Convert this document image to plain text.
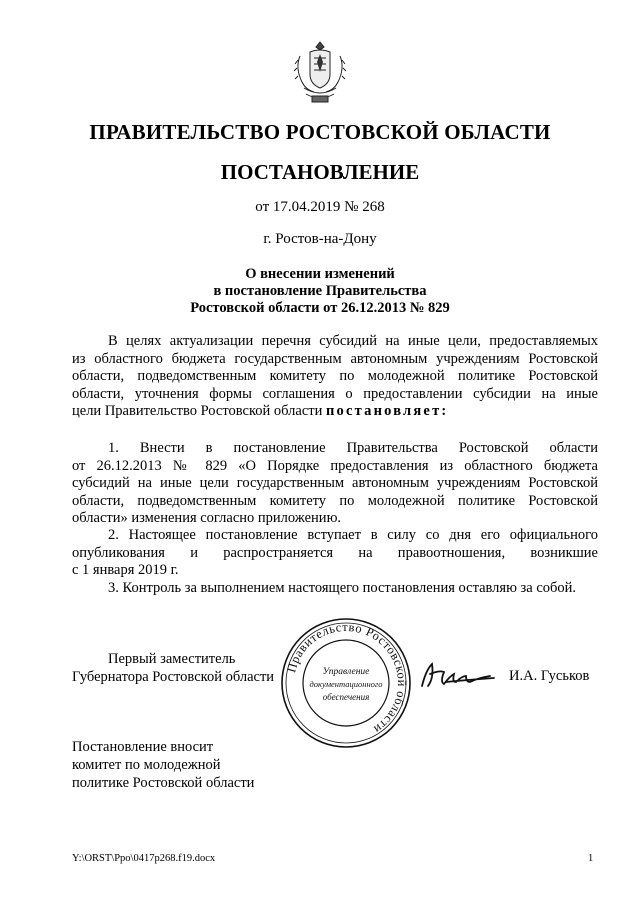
ПРАВИТЕЛЬСТВО РОСТОВСКОЙ ОБЛАСТИ
ПОСТАНОВЛЕНИЕ
от 17.04.2019 № 268
г. Ростов-на-Дону
О внесении изменений
в постановление Правительства
Ростовской области от 26.12.2013 № 829
В целях актуализации перечня субсидий на иные цели, предоставляемых
из областного бюджета государственным автономным учреждениям Ростовской
области, подведомственным комитету по молодежной политике Ростовской
области, уточнения формы соглашения о предоставлении субсидии на иные
цели Правительство Ростовской области постановляет:
1. Внести в постановление Правительства Ростовской области
от 26.12.2013 № 829 «О Порядке предоставления из областного бюджета
субсидий на иные цели государственным автономным учреждениям Ростовской
области, подведомственным комитету по молодежной политике Ростовской
области» изменения согласно приложению.
2. Настоящее постановление вступает в силу со дня его официального
опубликования и распространяется на правоотношения, возникшие
с 1 января 2019 г.
3. Контроль за выполнением настоящего постановления оставляю за собой.
Первый заместитель
Губернатора Ростовской области
Правительство Ростовской области
Управление
документационного
обеспечения
И.А. Гуськов
Постановление вносит
комитет по молодежной
политике Ростовской области
Y:\ORST\Ppo\0417p268.f19.docx	1
